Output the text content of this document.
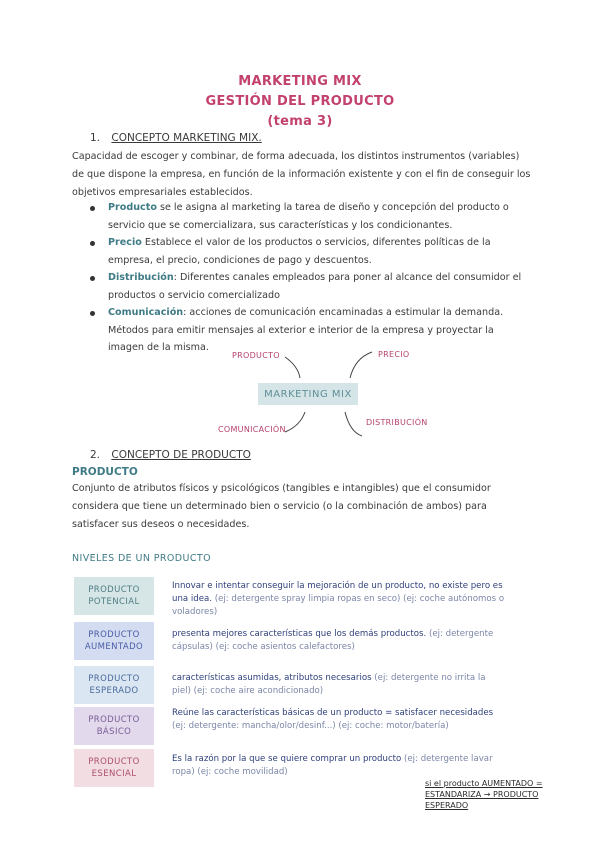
MARKETING MIX
GESTIÓN DEL PRODUCTO
(tema 3)
1. CONCEPTO MARKETING MIX.
Capacidad de escoger y combinar, de forma adecuada, los distintos instrumentos (variables) de que dispone la empresa, en función de la información existente y con el fin de conseguir los objetivos empresariales establecidos.
Producto se le asigna al marketing la tarea de diseño y concepción del producto o servicio que se comercializara, sus características y los condicionantes.
Precio Establece el valor de los productos o servicios, diferentes políticas de la empresa, el precio, condiciones de pago y descuentos.
Distribución: Diferentes canales empleados para poner al alcance del consumidor el productos o servicio comercializado
Comunicación: acciones de comunicación encaminadas a estimular la demanda. Métodos para emitir mensajes al exterior e interior de la empresa y proyectar la imagen de la misma.
MARKETING MIX
PRODUCTO	PRECIO
DISTRIBUCIÓN
COMUNICACIÓN
2. CONCEPTO DE PRODUCTO
PRODUCTO
Conjunto de atributos físicos y psicológicos (tangibles e intangibles) que el consumidor considera que tiene un determinado bien o servicio (o la combinación de ambos) para satisfacer sus deseos o necesidades.
NIVELES DE UN PRODUCTO
PRODUCTO
POTENCIAL
Innovar e intentar conseguir la mejoración de un producto, no existe pero es una idea. (ej: detergente spray limpia ropas en seco) (ej: coche autónomos o voladores)
PRODUCTO
AUMENTADO
presenta mejores características que los demás productos. (ej: detergente cápsulas) (ej: coche asientos calefactores)
PRODUCTO
ESPERADO
características asumidas, atributos necesarios (ej: detergente no irrita la piel) (ej: coche aire acondicionado)
PRODUCTO
BÁSICO
Reúne las características básicas de un producto = satisfacer necesidades (ej: detergente: mancha/olor/desinf...) (ej: coche: motor/batería)
PRODUCTO
ESENCIAL
Es la razón por la que se quiere comprar un producto (ej: detergente lavar ropa) (ej: coche movilidad)
si el producto AUMENTADO = ESTANDARIZA → PRODUCTO ESPERADO
